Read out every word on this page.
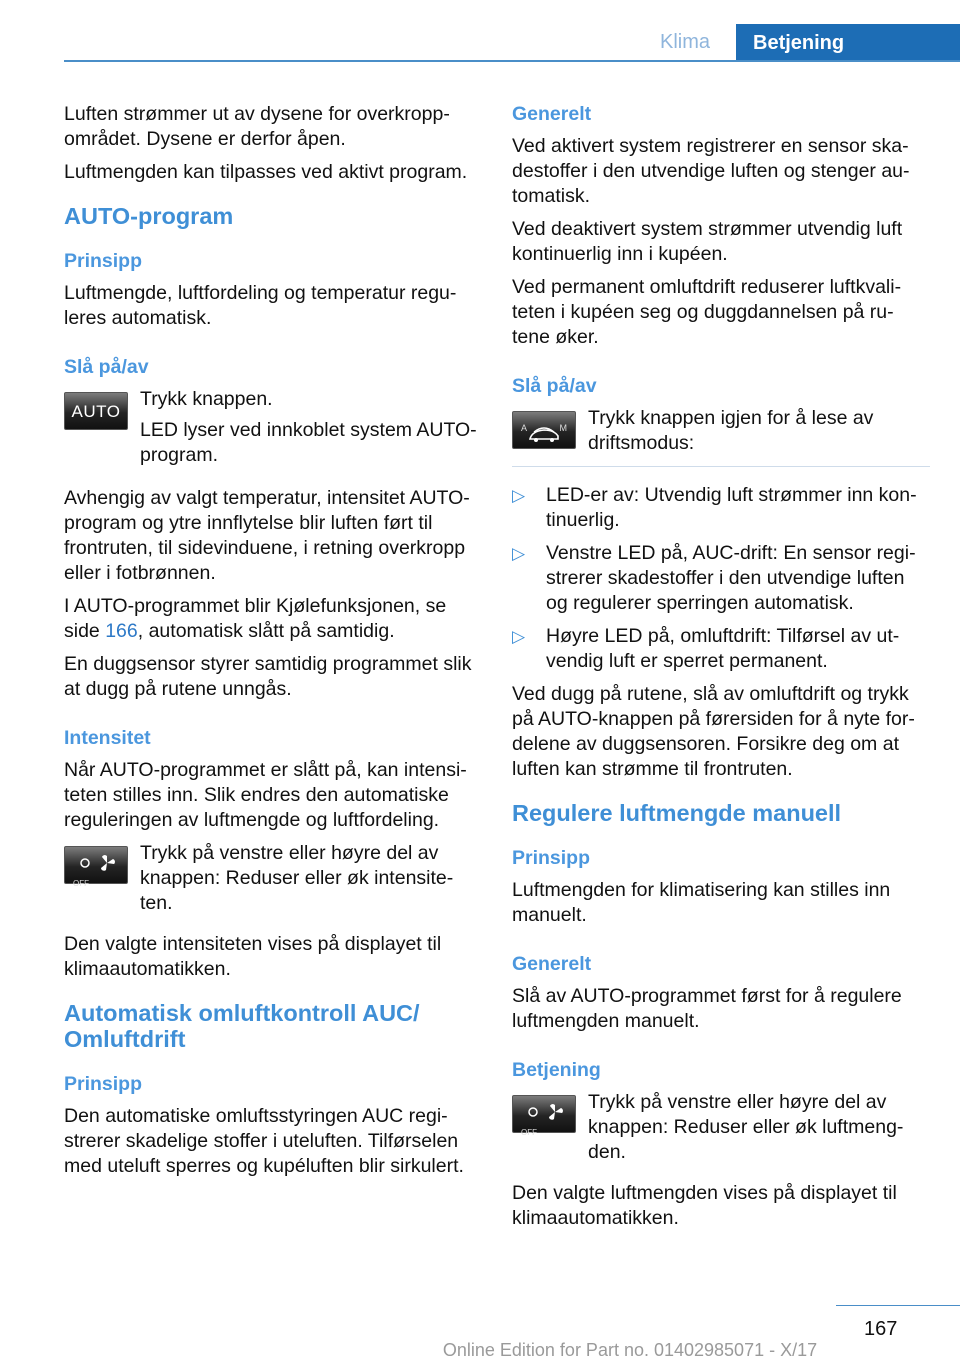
Klima	Betjening

Luften strømmer ut av dysene for overkropp-området. Dysene er derfor åpen.

Luftmengden kan tilpasses ved aktivt program.

AUTO-program
Prinsipp

Luftmengde, luftfordeling og temperatur regu-leres automatisk.

Slå på/av
AUTO

Trykk knappen.

LED lyser ved innkoblet system AUTO-program.

Avhengig av valgt temperatur, intensitet AUTO-program og ytre innflytelse blir luften ført til frontruten, til sidevinduene, i retning overkropp eller i fotbrønnen.

I AUTO-programmet blir Kjølefunksjonen, se side 166, automatisk slått på samtidig.

En duggsensor styrer samtidig programmet slik at dugg på rutene unngås.

Intensitet

Når AUTO-programmet er slått på, kan intensi-teten stilles inn. Slik endres den automatiske reguleringen av luftmengde og luftfordeling.

OFF

Trykk på venstre eller høyre del av knappen: Reduser eller øk intensite-ten.

Den valgte intensiteten vises på displayet til klimaautomatikken.

Automatisk omluftkontroll AUC/ Omluftdrift
Prinsipp

Den automatiske omluftsstyringen AUC regi-strerer skadelige stoffer i uteluften. Tilførselen med uteluft sperres og kupéluften blir sirkulert.

Generelt

Ved aktivert system registrerer en sensor ska-destoffer i den utvendige luften og stenger au-tomatisk.

Ved deaktivert system strømmer utvendig luft kontinuerlig inn i kupéen.

Ved permanent omluftdrift reduserer luftkvali-teten i kupéen seg og duggdannelsen på ru-tene øker.

Slå på/av
A	M	Trykk knappen igjen for å lese av driftsmodus:

▷ LED-er av: Utvendig luft strømmer inn kon-tinuerlig.
▷ Venstre LED på, AUC-drift: En sensor regi-strerer skadestoffer i den utvendige luften og regulerer sperringen automatisk.
▷ Høyre LED på, omluftdrift: Tilførsel av ut-vendig luft er sperret permanent.

Ved dugg på rutene, slå av omluftdrift og trykk på AUTO-knappen på førersiden for å nyte for-delene av duggsensoren. Forsikre deg om at luften kan strømme til frontruten.

Regulere luftmengde manuell
Prinsipp

Luftmengden for klimatisering kan stilles inn manuelt.

Generelt

Slå av AUTO-programmet først for å regulere luftmengden manuelt.

Betjening
OFF

Trykk på venstre eller høyre del av knappen: Reduser eller øk luftmeng-den.

Den valgte luftmengden vises på displayet til klimaautomatikken.

167
Online Edition for Part no. 01402985071 - X/17
